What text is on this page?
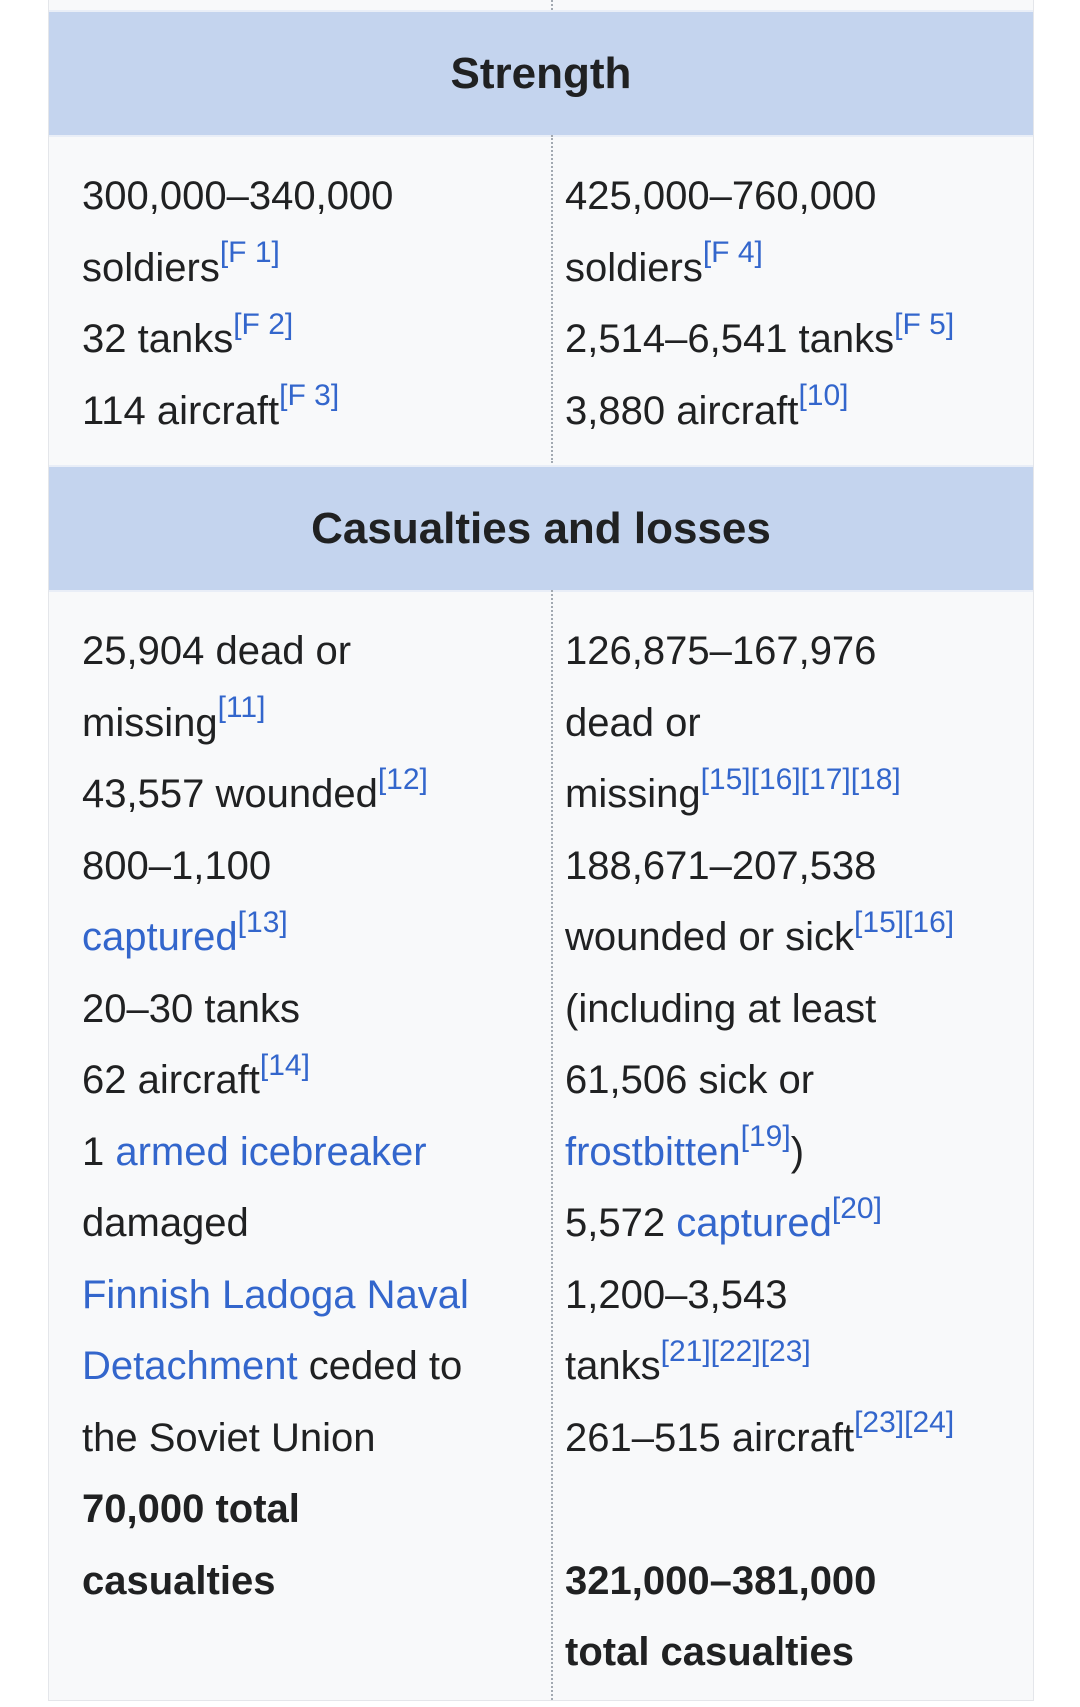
Strength
300,000–340,000
soldiers[F 1]
32 tanks[F 2]
114 aircraft[F 3]
425,000–760,000
soldiers[F 4]
2,514–6,541 tanks[F 5]
3,880 aircraft[10]
Casualties and losses
25,904 dead or
missing[11]
43,557 wounded[12]
800–1,100
captured[13]
20–30 tanks
62 aircraft[14]
1 armed icebreaker
damaged
Finnish Ladoga Naval
Detachment ceded to
the Soviet Union
70,000 total
casualties
126,875–167,976
dead or
missing[15][16][17][18]
188,671–207,538
wounded or sick[15][16]
(including at least
61,506 sick or
frostbitten[19])
5,572 captured[20]
1,200–3,543
tanks[21][22][23]
261–515 aircraft[23][24]
321,000–381,000
total casualties
